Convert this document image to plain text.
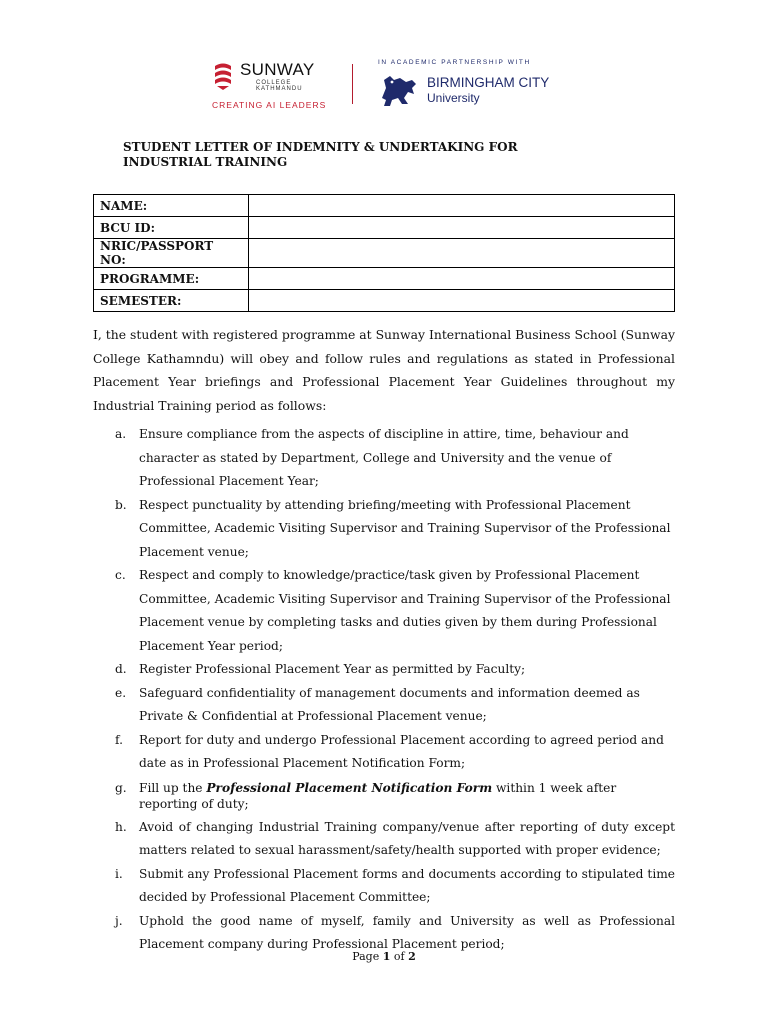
SUNWAY
COLLEGE
KATHMANDU
CREATING AI LEADERS
IN ACADEMIC PARTNERSHIP WITH
BIRMINGHAM CITY
University
STUDENT LETTER OF INDEMNITY & UNDERTAKING FOR INDUSTRIAL TRAINING
NAME:	
BCU ID:	
NRIC/PASSPORT NO:	
PROGRAMME:	
SEMESTER:	

I, the student with registered programme at Sunway International Business School (Sunway College Kathamndu) will obey and follow rules and regulations as stated in Professional Placement Year briefings and Professional Placement Year Guidelines throughout my Industrial Training period as follows:

a. Ensure compliance from the aspects of discipline in attire, time, behaviour and character as stated by Department, College and University and the venue of Professional Placement Year;
b. Respect punctuality by attending briefing/meeting with Professional Placement Committee, Academic Visiting Supervisor and Training Supervisor of the Professional Placement venue;
c. Respect and comply to knowledge/practice/task given by Professional Placement Committee, Academic Visiting Supervisor and Training Supervisor of the Professional Placement venue by completing tasks and duties given by them during Professional Placement Year period;
d. Register Professional Placement Year as permitted by Faculty;
e. Safeguard confidentiality of management documents and information deemed as Private & Confidential at Professional Placement venue;
f. Report for duty and undergo Professional Placement according to agreed period and date as in Professional Placement Notification Form;
g. Fill up the Professional Placement Notification Form within 1 week after reporting of duty;
h. Avoid of changing Industrial Training company/venue after reporting of duty except matters related to sexual harassment/safety/health supported with proper evidence;
i. Submit any Professional Placement forms and documents according to stipulated time decided by Professional Placement Committee;
j. Uphold the good name of myself, family and University as well as Professional Placement company during Professional Placement period;
Page 1 of 2
